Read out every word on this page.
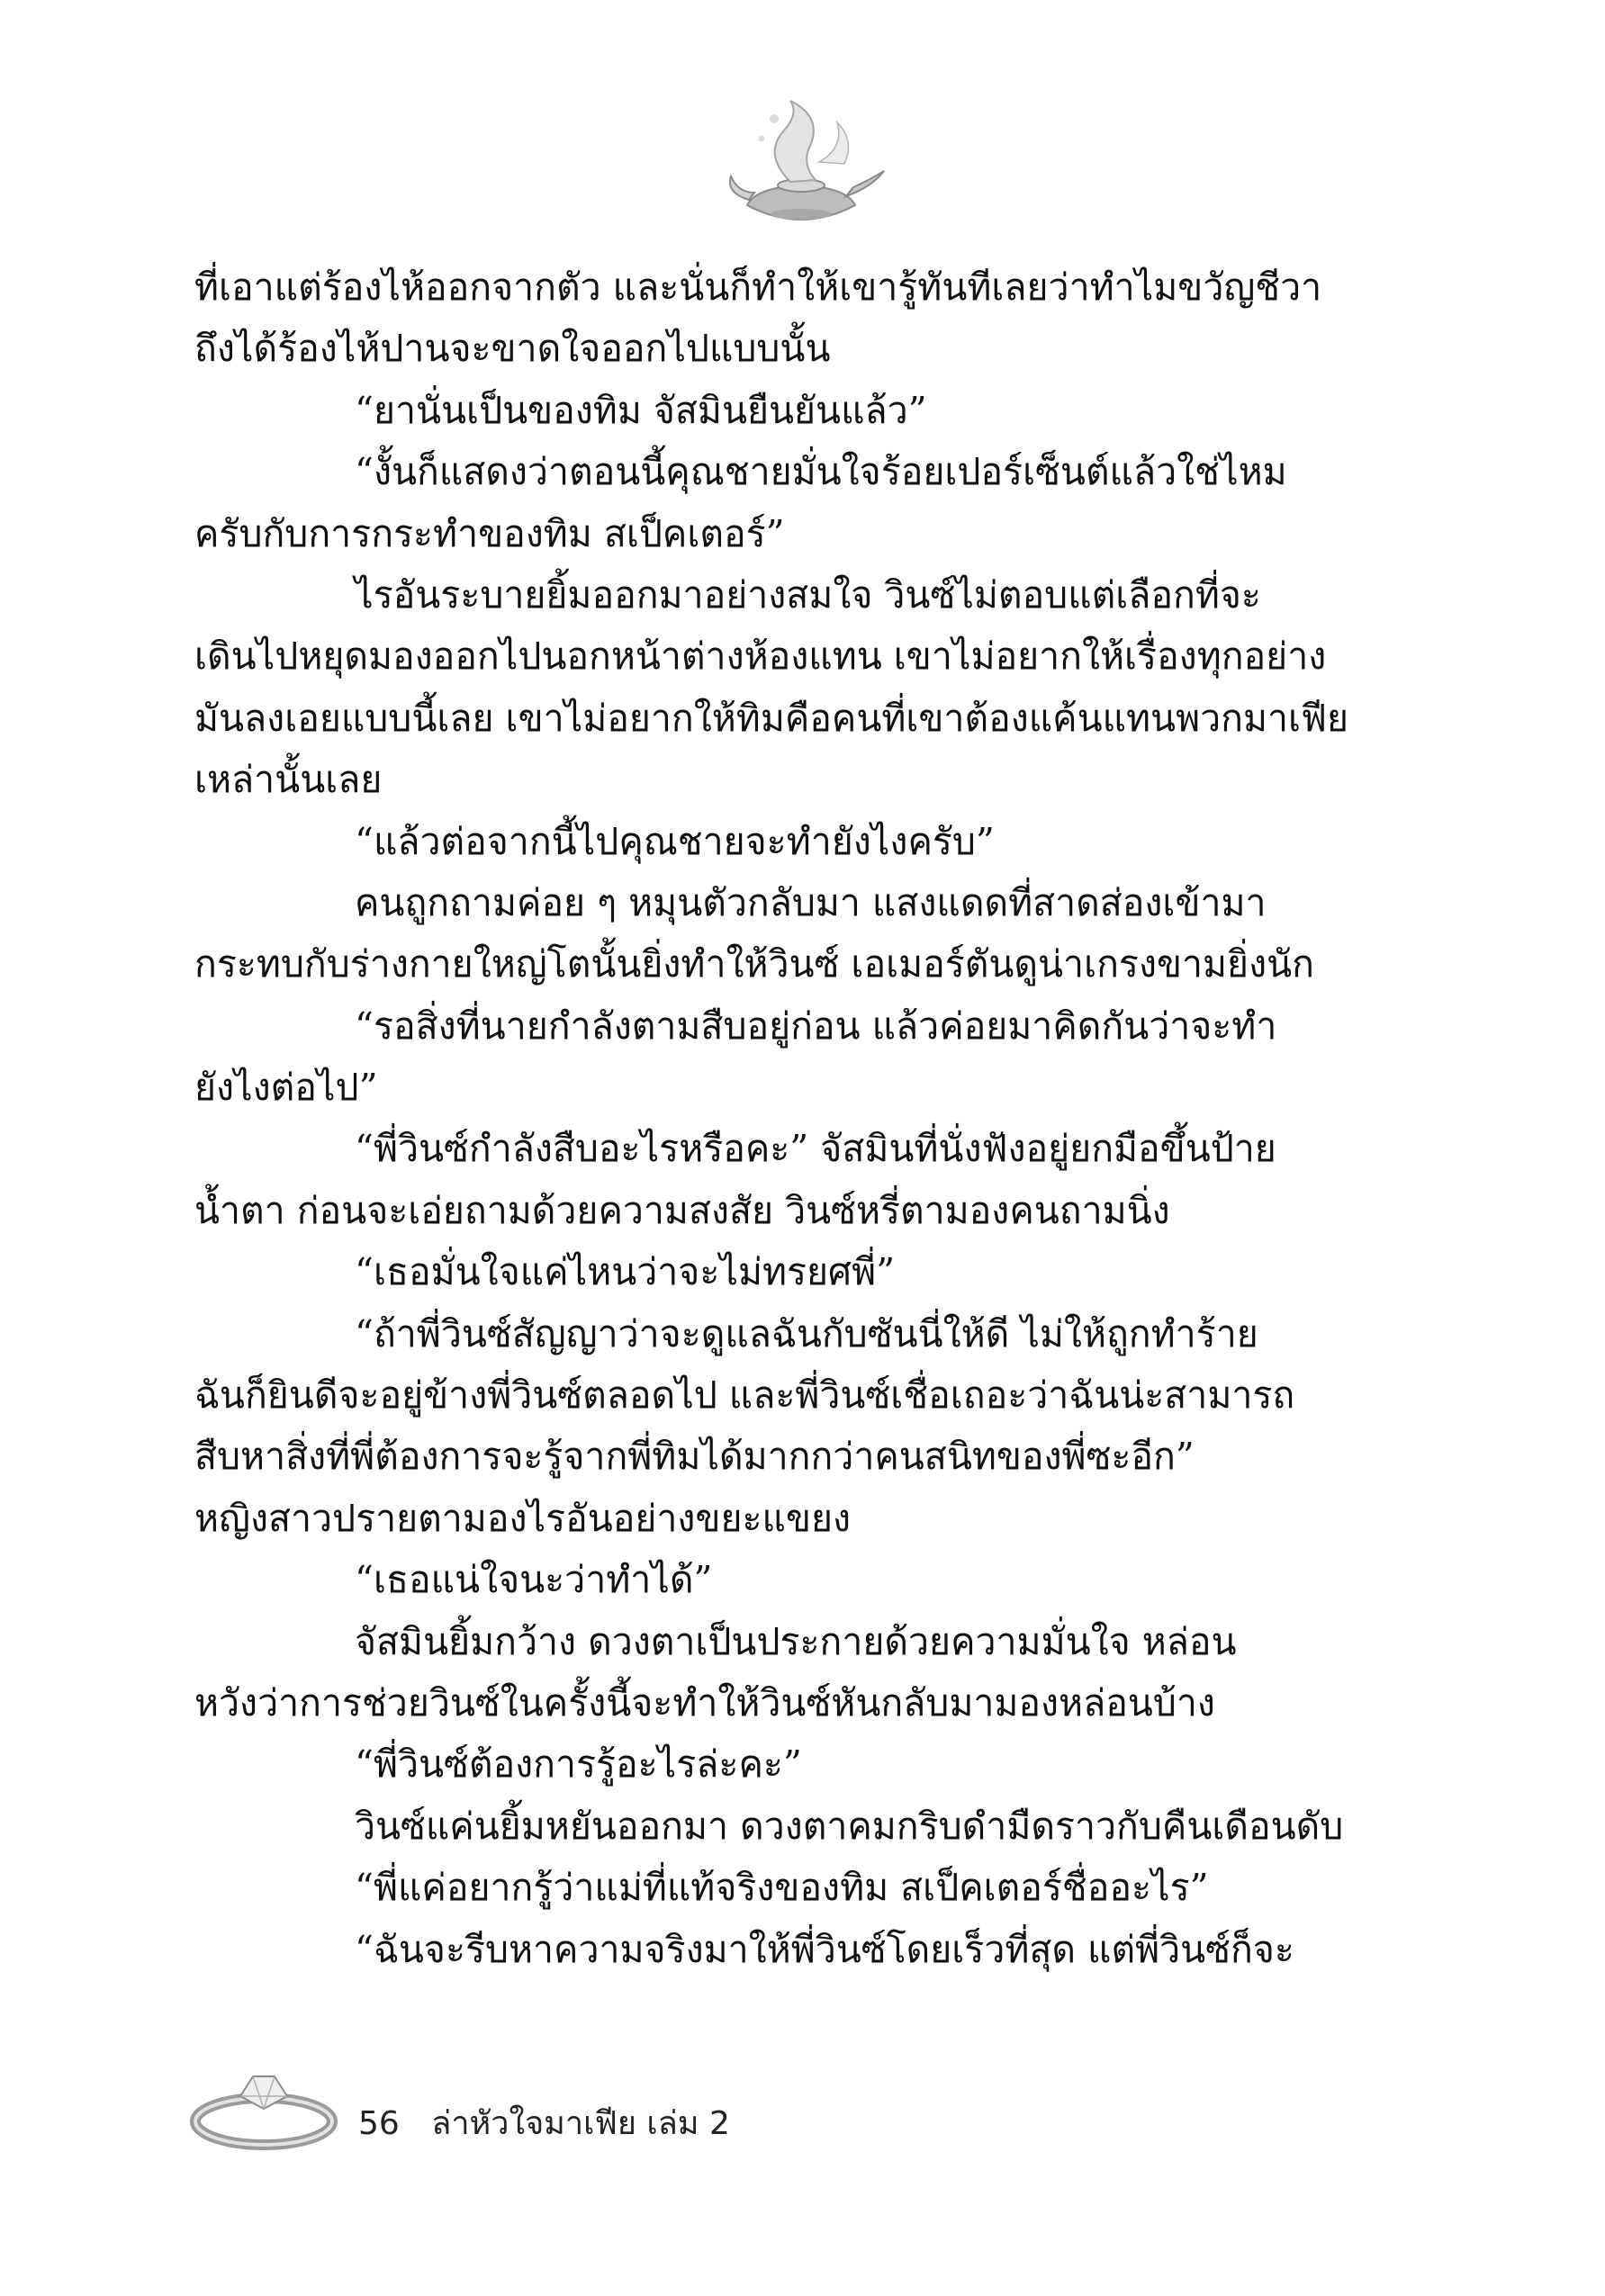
ที่เอาแต่ร้องไห้ออกจากตัว และนั่นก็ทำให้เขารู้ทันทีเลยว่าทำไมขวัญชีวา
ถึงได้ร้องไห้ปานจะขาดใจออกไปแบบนั้น
“ยานั่นเป็นของทิม จัสมินยืนยันแล้ว”
“งั้นก็แสดงว่าตอนนี้คุณชายมั่นใจร้อยเปอร์เซ็นต์แล้วใช่ไหม
ครับกับการกระทำของทิม สเป็คเตอร์”
ไรอันระบายยิ้มออกมาอย่างสมใจ วินซ์ไม่ตอบแต่เลือกที่จะ
เดินไปหยุดมองออกไปนอกหน้าต่างห้องแทน เขาไม่อยากให้เรื่องทุกอย่าง
มันลงเอยแบบนี้เลย เขาไม่อยากให้ทิมคือคนที่เขาต้องแค้นแทนพวกมาเฟีย
เหล่านั้นเลย
“แล้วต่อจากนี้ไปคุณชายจะทำยังไงครับ”
คนถูกถามค่อย ๆ หมุนตัวกลับมา แสงแดดที่สาดส่องเข้ามา
กระทบกับร่างกายใหญ่โตนั้นยิ่งทำให้วินซ์ เอเมอร์ตันดูน่าเกรงขามยิ่งนัก
“รอสิ่งที่นายกำลังตามสืบอยู่ก่อน แล้วค่อยมาคิดกันว่าจะทำ
ยังไงต่อไป”
“พี่วินซ์กำลังสืบอะไรหรือคะ” จัสมินที่นั่งฟังอยู่ยกมือขึ้นป้าย
น้ำตา ก่อนจะเอ่ยถามด้วยความสงสัย วินซ์หรี่ตามองคนถามนิ่ง
“เธอมั่นใจแค่ไหนว่าจะไม่ทรยศพี่”
“ถ้าพี่วินซ์สัญญาว่าจะดูแลฉันกับซันนี่ให้ดี ไม่ให้ถูกทำร้าย
ฉันก็ยินดีจะอยู่ข้างพี่วินซ์ตลอดไป และพี่วินซ์เชื่อเถอะว่าฉันน่ะสามารถ
สืบหาสิ่งที่พี่ต้องการจะรู้จากพี่ทิมได้มากกว่าคนสนิทของพี่ซะอีก”
หญิงสาวปรายตามองไรอันอย่างขยะแขยง
“เธอแน่ใจนะว่าทำได้”
จัสมินยิ้มกว้าง ดวงตาเป็นประกายด้วยความมั่นใจ หล่อน
หวังว่าการช่วยวินซ์ในครั้งนี้จะทำให้วินซ์หันกลับมามองหล่อนบ้าง
“พี่วินซ์ต้องการรู้อะไรล่ะคะ”
วินซ์แค่นยิ้มหยันออกมา ดวงตาคมกริบดำมืดราวกับคืนเดือนดับ
“พี่แค่อยากรู้ว่าแม่ที่แท้จริงของทิม สเป็คเตอร์ชื่ออะไร”
“ฉันจะรีบหาความจริงมาให้พี่วินซ์โดยเร็วที่สุด แต่พี่วินซ์ก็จะ
56 ล่าหัวใจมาเฟีย เล่ม 2
